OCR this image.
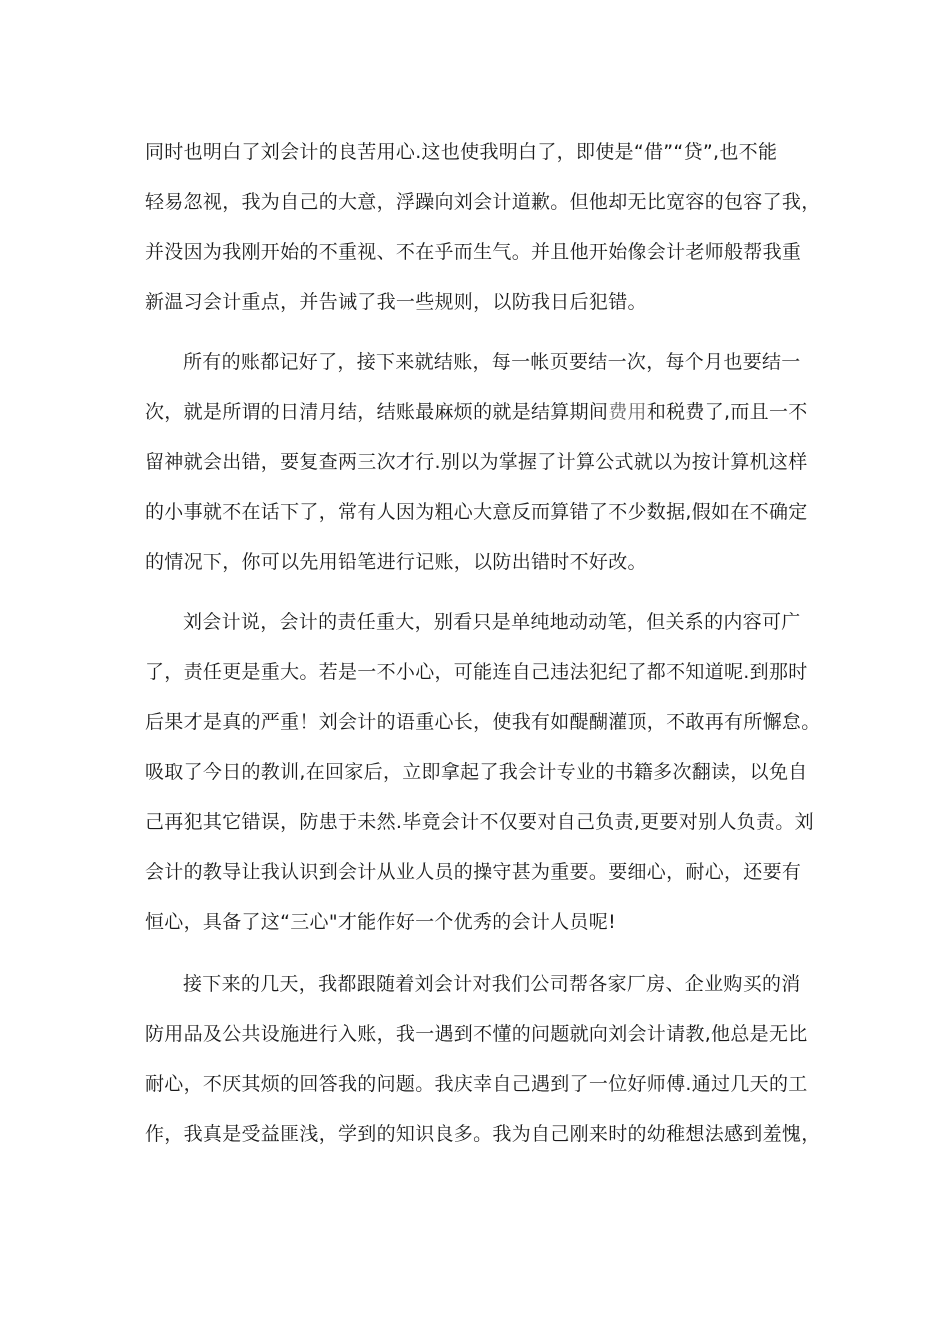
同时也明白了刘会计的良苦用心.这也使我明白了，即使是“借”“贷”,也不能
轻易忽视，我为自己的大意，浮躁向刘会计道歉。但他却无比宽容的包容了我，
并没因为我刚开始的不重视、不在乎而生气。并且他开始像会计老师般帮我重
新温习会计重点，并告诫了我一些规则，以防我日后犯错。
所有的账都记好了，接下来就结账，每一帐页要结一次，每个月也要结一
次，就是所谓的日清月结，结账最麻烦的就是结算期间费用和税费了,而且一不
留神就会出错，要复查两三次才行.别以为掌握了计算公式就以为按计算机这样
的小事就不在话下了，常有人因为粗心大意反而算错了不少数据,假如在不确定
的情况下，你可以先用铅笔进行记账，以防出错时不好改。
刘会计说，会计的责任重大，别看只是单纯地动动笔，但关系的内容可广
了，责任更是重大。若是一不小心，可能连自己违法犯纪了都不知道呢.到那时
后果才是真的严重！刘会计的语重心长，使我有如醍醐灌顶，不敢再有所懈怠。
吸取了今日的教训,在回家后，立即拿起了我会计专业的书籍多次翻读，以免自
己再犯其它错误，防患于未然.毕竟会计不仅要对自己负责,更要对别人负责。刘
会计的教导让我认识到会计从业人员的操守甚为重要。要细心，耐心，还要有
恒心，具备了这“三心"才能作好一个优秀的会计人员呢!
接下来的几天，我都跟随着刘会计对我们公司帮各家厂房、企业购买的消
防用品及公共设施进行入账，我一遇到不懂的问题就向刘会计请教,他总是无比
耐心，不厌其烦的回答我的问题。我庆幸自己遇到了一位好师傅.通过几天的工
作，我真是受益匪浅，学到的知识良多。我为自己刚来时的幼稚想法感到羞愧，
